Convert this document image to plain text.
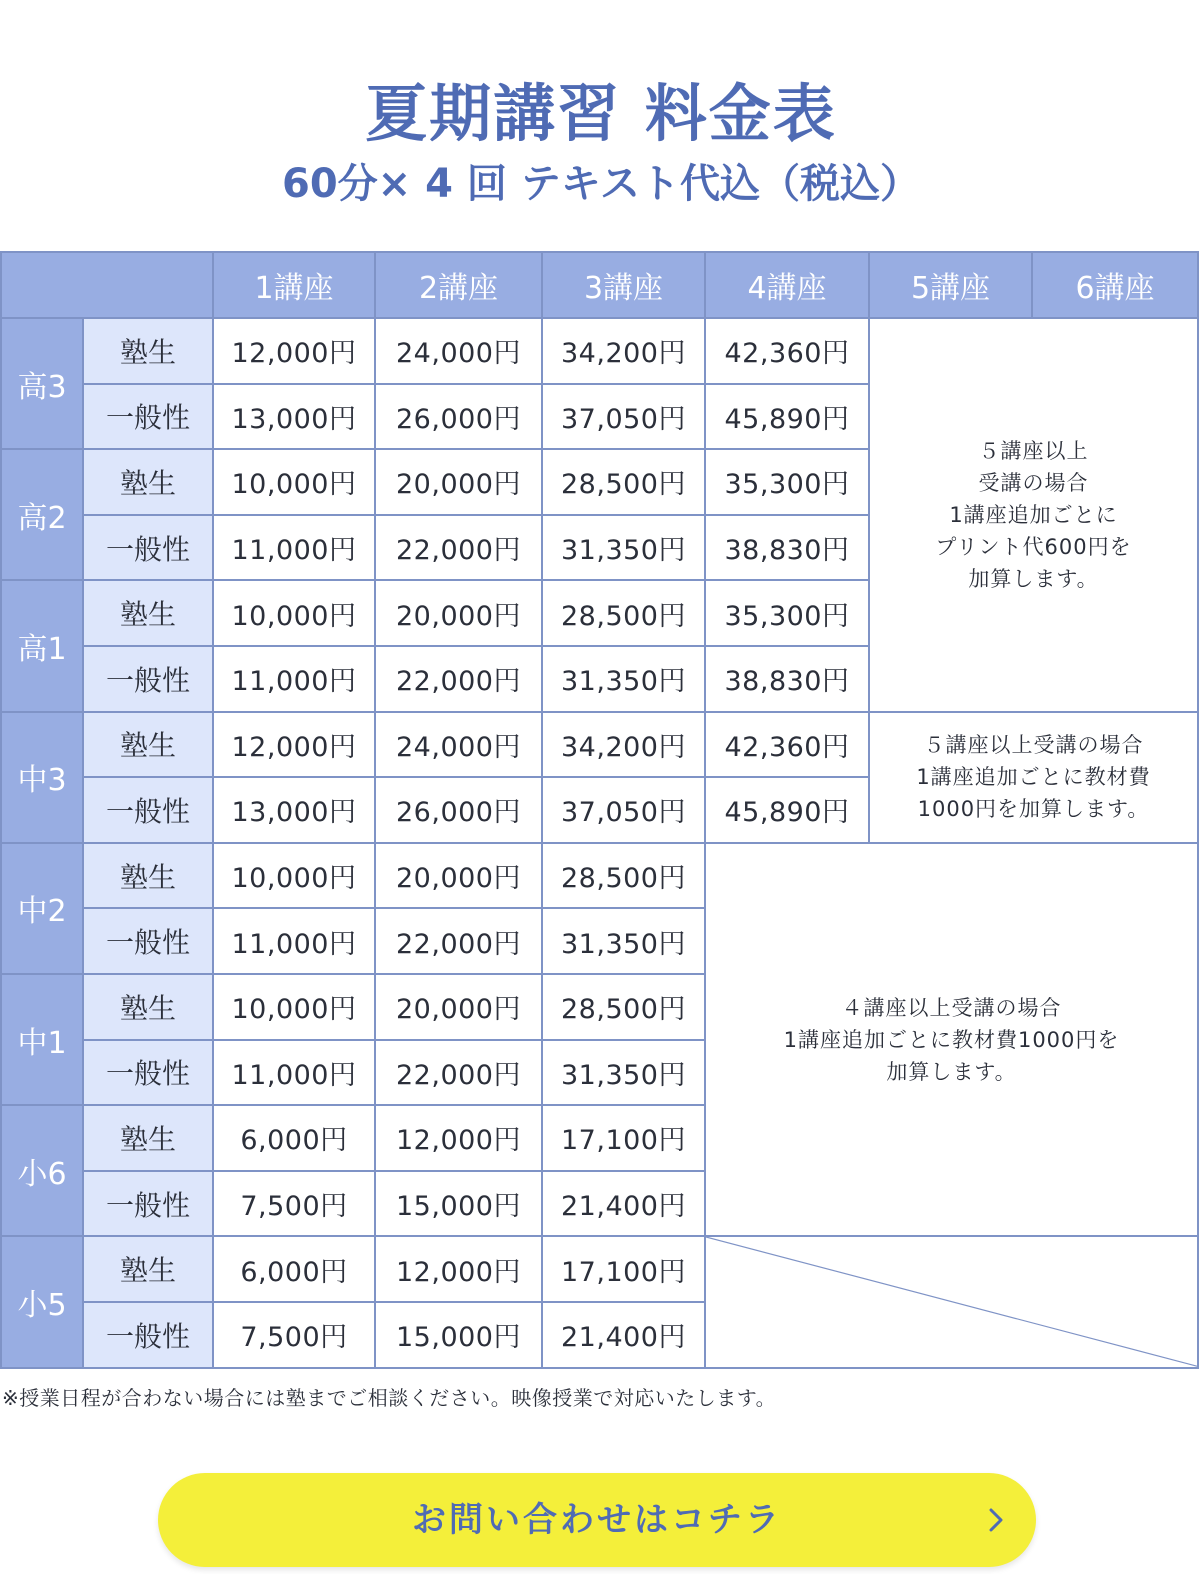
夏期講習 料金表
60分× 4 回 テキスト代込（税込）
		1講座	2講座	3講座	4講座	5講座	6講座
高3	塾生	12,000円	24,000円	34,200円	42,360円	５講座以上
受講の場合
1講座追加ごとに
プリント代600円を
加算します。	

	一般性	13,000円	26,000円	37,050円	45,890円		
高2	塾生	10,000円	20,000円	28,500円	35,300円		
	一般性	11,000円	22,000円	31,350円	38,830円		
高1	塾生	10,000円	20,000円	28,500円	35,300円		
	一般性	11,000円	22,000円	31,350円	38,830円		
中3	塾生	12,000円	24,000円	34,200円	42,360円	５講座以上受講の場合
1講座追加ごとに教材費
1000円を加算します。	

	一般性	13,000円	26,000円	37,050円	45,890円		
中2	塾生	10,000円	20,000円	28,500円	４講座以上受講の場合
1講座追加ごとに教材費1000円を
加算します。		

	一般性	11,000円	22,000円	31,350円			
中1	塾生	10,000円	20,000円	28,500円			
	一般性	11,000円	22,000円	31,350円			
小6	塾生	6,000円	12,000円	17,100円			
	一般性	7,500円	15,000円	21,400円			
小5	塾生	6,000円	12,000円	17,100円	

	一般性	7,500円	15,000円	21,400円			
※授業日程が合わない場合には塾までご相談ください。映像授業で対応いたします。
お問い合わせはコチラ
